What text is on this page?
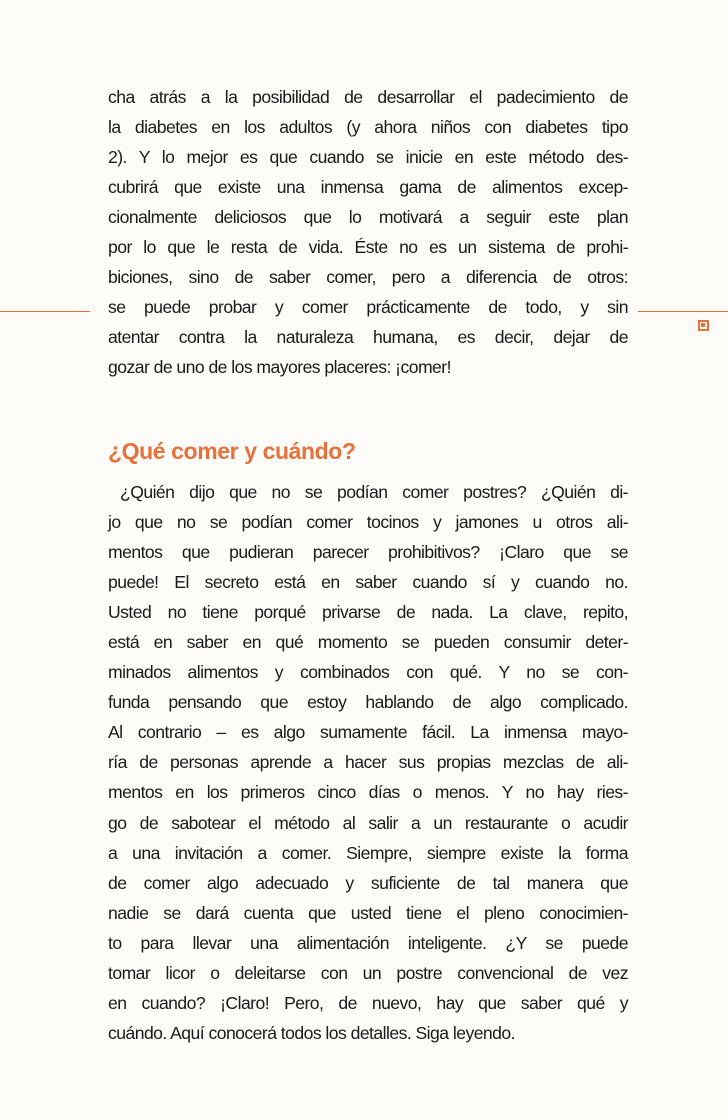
cha atrás a la posibilidad de desarrollar el padecimiento de
la diabetes en los adultos (y ahora niños con diabetes tipo
2). Y lo mejor es que cuando se inicie en este método des-
cubrirá que existe una inmensa gama de alimentos excep-
cionalmente deliciosos que lo motivará a seguir este plan
por lo que le resta de vida. Éste no es un sistema de prohi-
biciones, sino de saber comer, pero a diferencia de otros:
se puede probar y comer prácticamente de todo, y sin
atentar contra la naturaleza humana, es decir, dejar de
gozar de uno de los mayores placeres: ¡comer!
¿Qué comer y cuándo?
¿Quién dijo que no se podían comer postres? ¿Quién di-
jo que no se podían comer tocinos y jamones u otros ali-
mentos que pudieran parecer prohibitivos? ¡Claro que se
puede! El secreto está en saber cuando sí y cuando no.
Usted no tiene porqué privarse de nada. La clave, repito,
está en saber en qué momento se pueden consumir deter-
minados alimentos y combinados con qué. Y no se con-
funda pensando que estoy hablando de algo complicado.
Al contrario – es algo sumamente fácil. La inmensa mayo-
ría de personas aprende a hacer sus propias mezclas de ali-
mentos en los primeros cinco días o menos. Y no hay ries-
go de sabotear el método al salir a un restaurante o acudir
a una invitación a comer. Siempre, siempre existe la forma
de comer algo adecuado y suficiente de tal manera que
nadie se dará cuenta que usted tiene el pleno conocimien-
to para llevar una alimentación inteligente. ¿Y se puede
tomar licor o deleitarse con un postre convencional de vez
en cuando? ¡Claro! Pero, de nuevo, hay que saber qué y
cuándo. Aquí conocerá todos los detalles. Siga leyendo.
